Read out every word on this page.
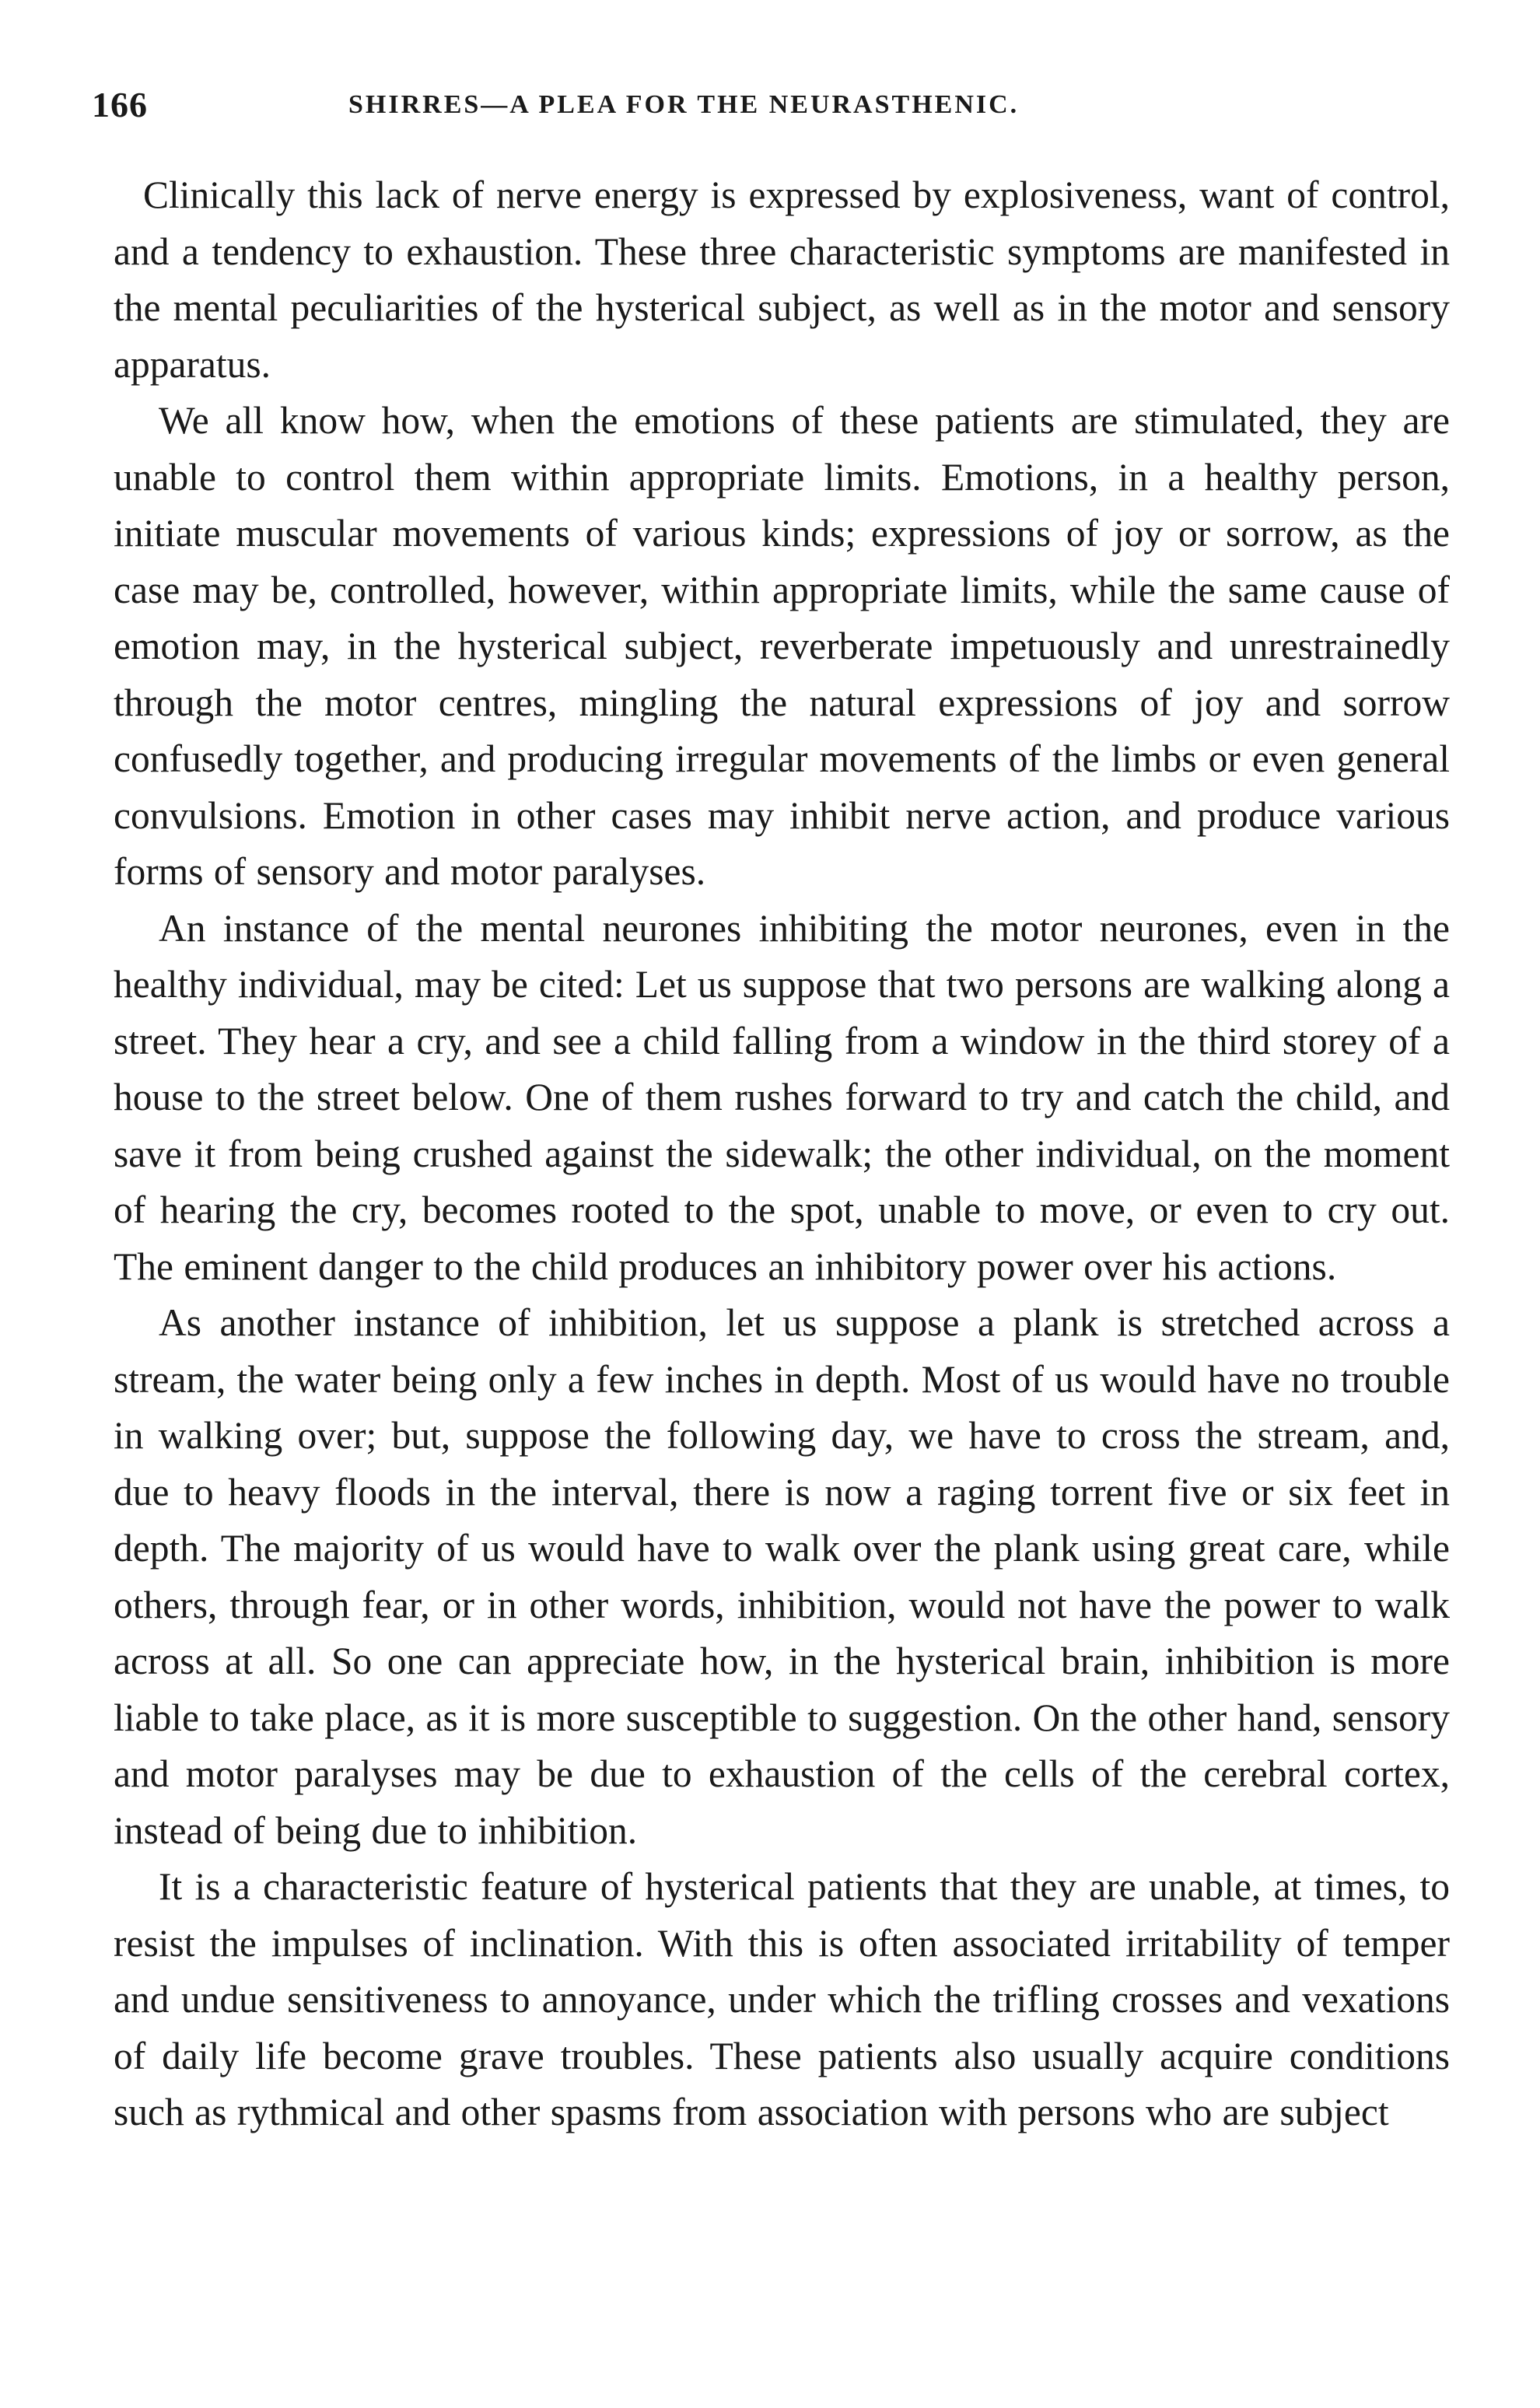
166	SHIRRES—A PLEA FOR THE NEURASTHENIC.

Clinically this lack of nerve energy is expressed by explosiveness, want of control, and a tendency to exhaustion. These three characteristic symptoms are manifested in the mental peculiarities of the hysterical subject, as well as in the motor and sensory apparatus.

We all know how, when the emotions of these patients are stimulated, they are unable to control them within appropriate limits. Emotions, in a healthy person, initiate muscular movements of various kinds; expressions of joy or sorrow, as the case may be, controlled, however, within appropriate limits, while the same cause of emotion may, in the hysterical subject, reverberate impetuously and unrestrainedly through the motor centres, mingling the natural expressions of joy and sorrow confusedly together, and producing irregular movements of the limbs or even general convulsions. Emotion in other cases may inhibit nerve action, and produce various forms of sensory and motor paralyses.

An instance of the mental neurones inhibiting the motor neurones, even in the healthy individual, may be cited: Let us suppose that two persons are walking along a street. They hear a cry, and see a child falling from a window in the third storey of a house to the street below. One of them rushes forward to try and catch the child, and save it from being crushed against the sidewalk; the other individual, on the moment of hearing the cry, becomes rooted to the spot, unable to move, or even to cry out. The eminent danger to the child produces an inhibitory power over his actions.

As another instance of inhibition, let us suppose a plank is stretched across a stream, the water being only a few inches in depth. Most of us would have no trouble in walking over; but, suppose the following day, we have to cross the stream, and, due to heavy floods in the interval, there is now a raging torrent five or six feet in depth. The majority of us would have to walk over the plank using great care, while others, through fear, or in other words, inhibition, would not have the power to walk across at all. So one can appreciate how, in the hysterical brain, inhibition is more liable to take place, as it is more susceptible to suggestion. On the other hand, sensory and motor paralyses may be due to exhaustion of the cells of the cerebral cortex, instead of being due to inhibition.

It is a characteristic feature of hysterical patients that they are unable, at times, to resist the impulses of inclination. With this is often associated irritability of temper and undue sensitiveness to annoyance, under which the trifling crosses and vexations of daily life become grave troubles. These patients also usually acquire conditions such as rythmical and other spasms from association with persons who are subject
